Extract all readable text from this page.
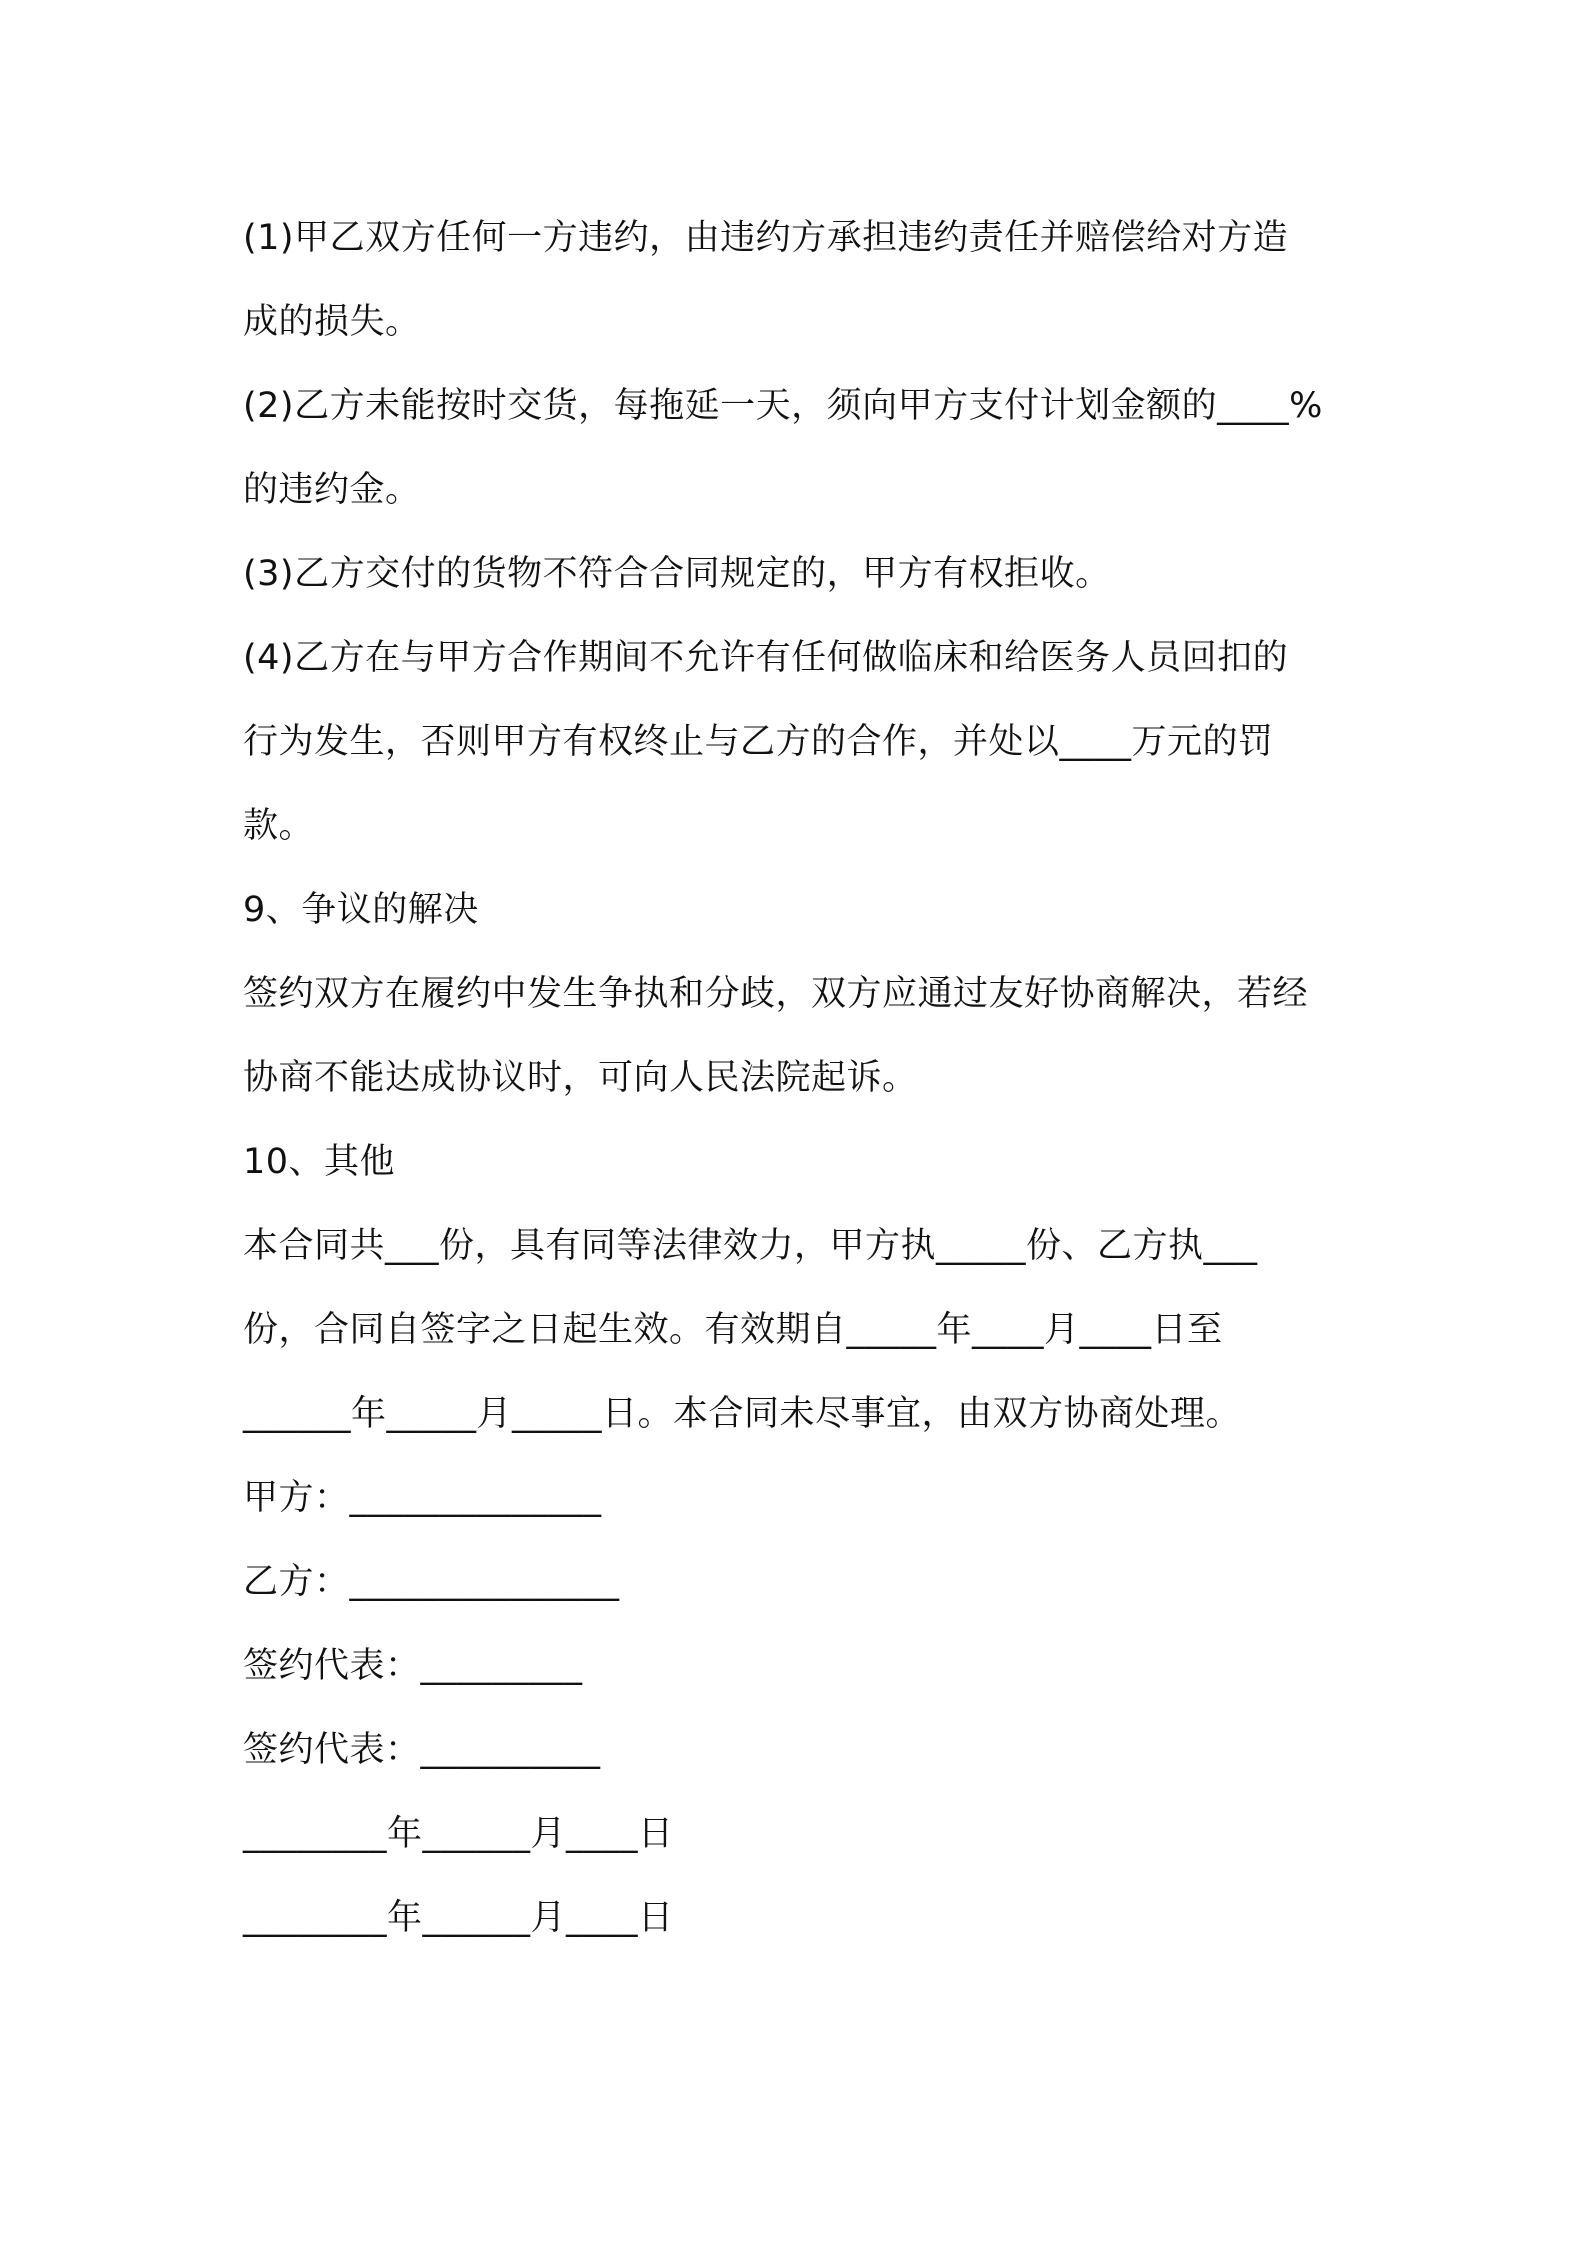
(1)甲乙双方任何一方违约，由违约方承担违约责任并赔偿给对方造
成的损失。
(2)乙方未能按时交货，每拖延一天，须向甲方支付计划金额的____%
的违约金。
(3)乙方交付的货物不符合合同规定的，甲方有权拒收。
(4)乙方在与甲方合作期间不允许有任何做临床和给医务人员回扣的
行为发生，否则甲方有权终止与乙方的合作，并处以____万元的罚
款。
9、争议的解决
签约双方在履约中发生争执和分歧，双方应通过友好协商解决，若经
协商不能达成协议时，可向人民法院起诉。
10、其他
本合同共___份，具有同等法律效力，甲方执_____份、乙方执___
份，合同自签字之日起生效。有效期自_____年____月____日至
______年_____月_____日。本合同未尽事宜，由双方协商处理。
甲方：______________
乙方：_______________
签约代表：_________
签约代表：__________
________年______月____日
________年______月____日
